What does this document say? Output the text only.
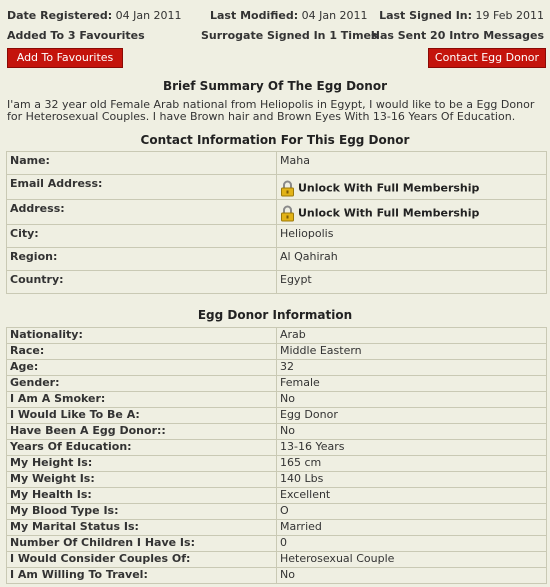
Date Registered: 04 Jan 2011	Last Modified: 04 Jan 2011 Last Signed In: 19 Feb 2011
Added To 3 Favourites	Surrogate Signed In 1 Times
Has Sent 20 Intro Messages
Add To Favourites	Contact Egg Donor
Brief Summary Of The Egg Donor
I'am a 32 year old Female Arab national from Heliopolis in Egypt, I would like to be a Egg Donor for Heterosexual Couples. I have Brown hair and Brown Eyes With 13-16 Years Of Education.
Contact Information For This Egg Donor
Name:	Maha
Email Address:	Unlock With Full Membership
Address:	Unlock With Full Membership
City:	Heliopolis
Region:	Al Qahirah
Country:	Egypt
Egg Donor Information
Nationality:	Arab
Race:	Middle Eastern
Age:	32
Gender:	Female
I Am A Smoker:	No
I Would Like To Be A:	Egg Donor
Have Been A Egg Donor::	No
Years Of Education:	13-16 Years
My Height Is:	165 cm
My Weight Is:	140 Lbs
My Health Is:	Excellent
My Blood Type Is:	O
My Marital Status Is:	Married
Number Of Children I Have Is:	0
I Would Consider Couples Of:	Heterosexual Couple
I Am Willing To Travel:	No
